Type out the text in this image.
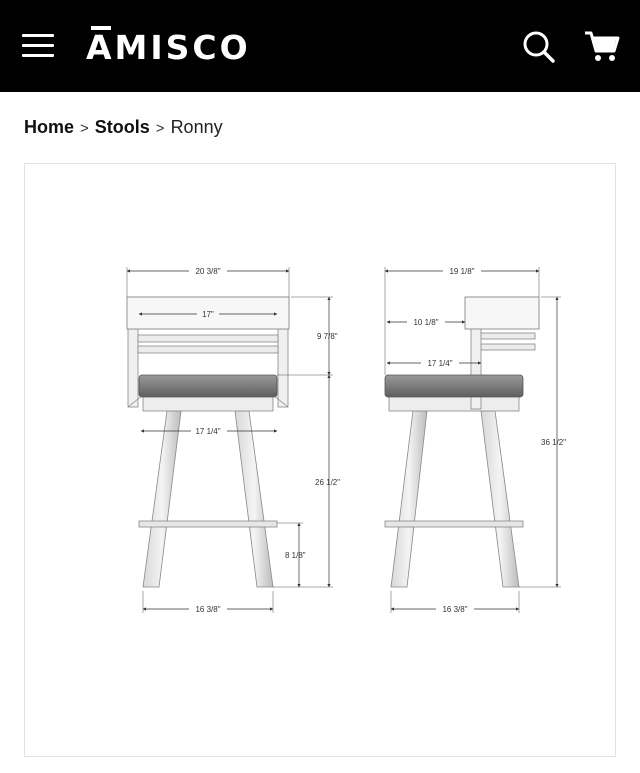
AMISCO
Home > Stools > Ronny
20 3/8"
17"
17 1/4"
16 3/8"
9 7/8"
26 1/2"
8 1/8"
19 1/8"
10 1/8"
17 1/4"
16 3/8"
36 1/2"
